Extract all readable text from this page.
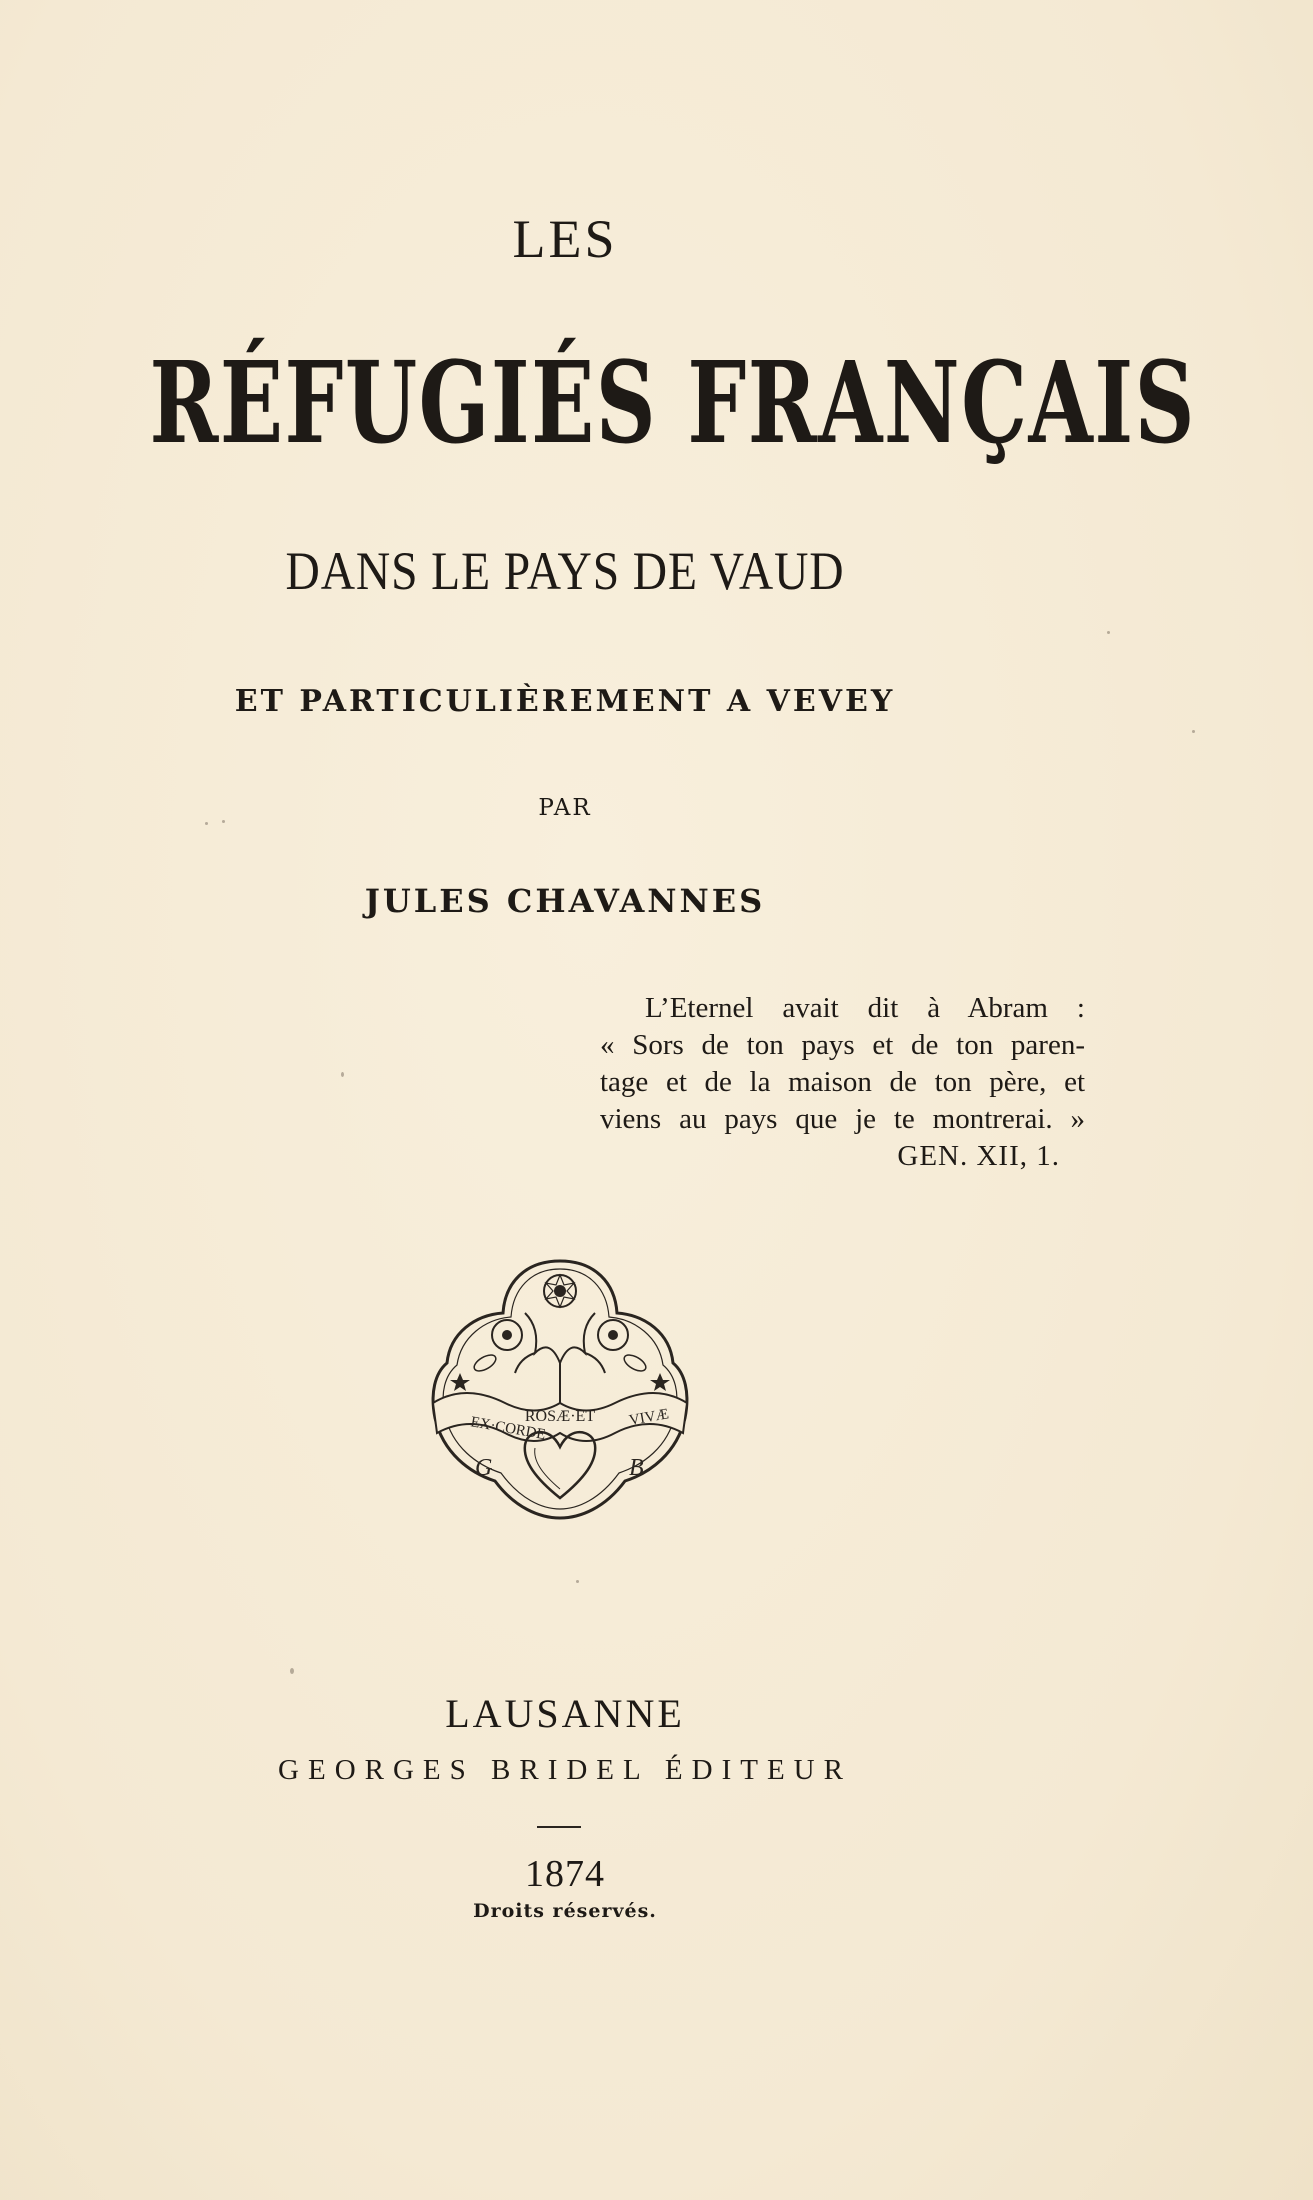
LES
RÉFUGIÉS FRANÇAIS
DANS LE PAYS DE VAUD
ET PARTICULIÈREMENT A VEVEY
PAR
JULES CHAVANNES
L’Eternel avait dit à Abram :
« Sors de ton pays et de ton paren-
tage et de la maison de ton père, et
viens au pays que je te montrerai. »
GEN. XII, 1.
EX·CORDE
ROSÆ·ET VIVÆ
G	B
LAUSANNE
GEORGES BRIDEL ÉDITEUR
1874
Droits réservés.
